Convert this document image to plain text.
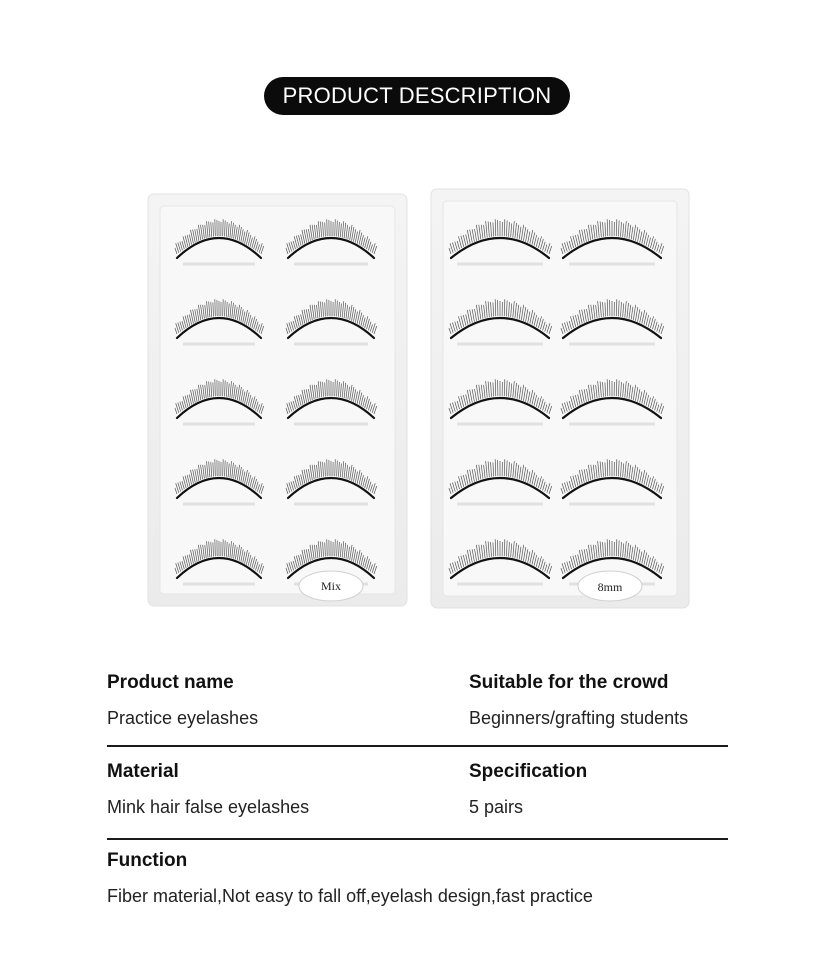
PRODUCT DESCRIPTION
Mix	8mm
Product name
Practice eyelashes
Suitable for the crowd
Beginners/grafting students
Material
Mink hair false eyelashes
Specification
5 pairs
Function
Fiber material,Not easy to fall off,eyelash design,fast practice
